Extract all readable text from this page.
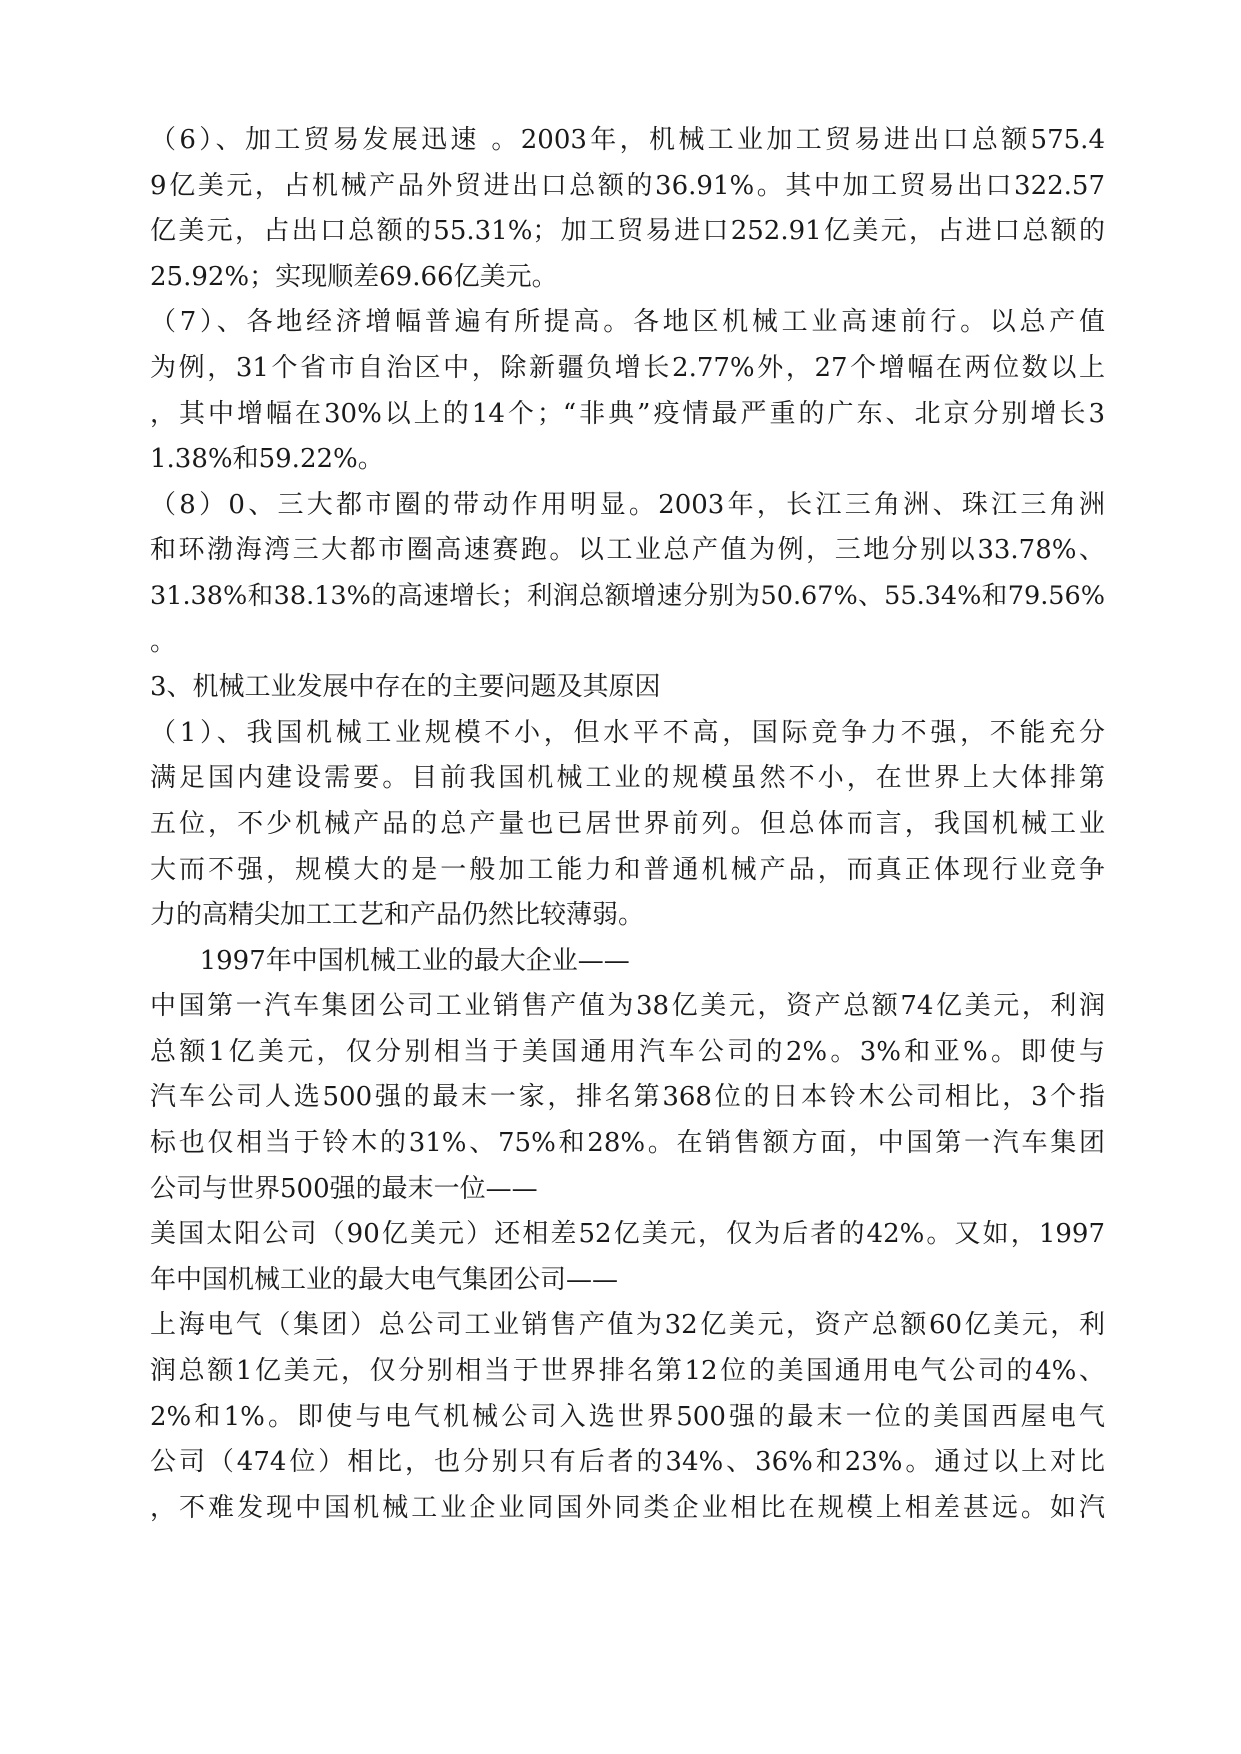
（6）、加工贸易发展迅速 。2003年，机械工业加工贸易进出口总额575.4
9亿美元，占机械产品外贸进出口总额的36.91%。其中加工贸易出口322.57
亿美元，占出口总额的55.31%；加工贸易进口252.91亿美元，占进口总额的
25.92%；实现顺差69.66亿美元。
（7）、各地经济增幅普遍有所提高。各地区机械工业高速前行。以总产值
为例，31个省市自治区中，除新疆负增长2.77%外，27个增幅在两位数以上
，其中增幅在30%以上的14个；“非典”疫情最严重的广东、北京分别增长3
1.38%和59.22%。
（8）0、三大都市圈的带动作用明显。2003年，长江三角洲、珠江三角洲
和环渤海湾三大都市圈高速赛跑。以工业总产值为例，三地分别以33.78%、
31.38%和38.13%的高速增长；利润总额增速分别为50.67%、55.34%和79.56%
。
3、机械工业发展中存在的主要问题及其原因
（1）、我国机械工业规模不小，但水平不高，国际竞争力不强，不能充分
满足国内建设需要。目前我国机械工业的规模虽然不小，在世界上大体排第
五位，不少机械产品的总产量也已居世界前列。但总体而言，我国机械工业
大而不强，规模大的是一般加工能力和普通机械产品，而真正体现行业竞争
力的高精尖加工工艺和产品仍然比较薄弱。
1997年中国机械工业的最大企业——
中国第一汽车集团公司工业销售产值为38亿美元，资产总额74亿美元，利润
总额1亿美元，仅分别相当于美国通用汽车公司的2%。3%和亚%。即使与
汽车公司人选500强的最末一家，排名第368位的日本铃木公司相比，3个指
标也仅相当于铃木的31%、75%和28%。在销售额方面，中国第一汽车集团
公司与世界500强的最末一位——
美国太阳公司（90亿美元）还相差52亿美元，仅为后者的42%。又如，1997
年中国机械工业的最大电气集团公司——
上海电气（集团）总公司工业销售产值为32亿美元，资产总额60亿美元，利
润总额1亿美元，仅分别相当于世界排名第12位的美国通用电气公司的4%、
2%和1%。即使与电气机械公司入选世界500强的最末一位的美国西屋电气
公司（474位）相比，也分别只有后者的34%、36%和23%。通过以上对比
，不难发现中国机械工业企业同国外同类企业相比在规模上相差甚远。如汽
